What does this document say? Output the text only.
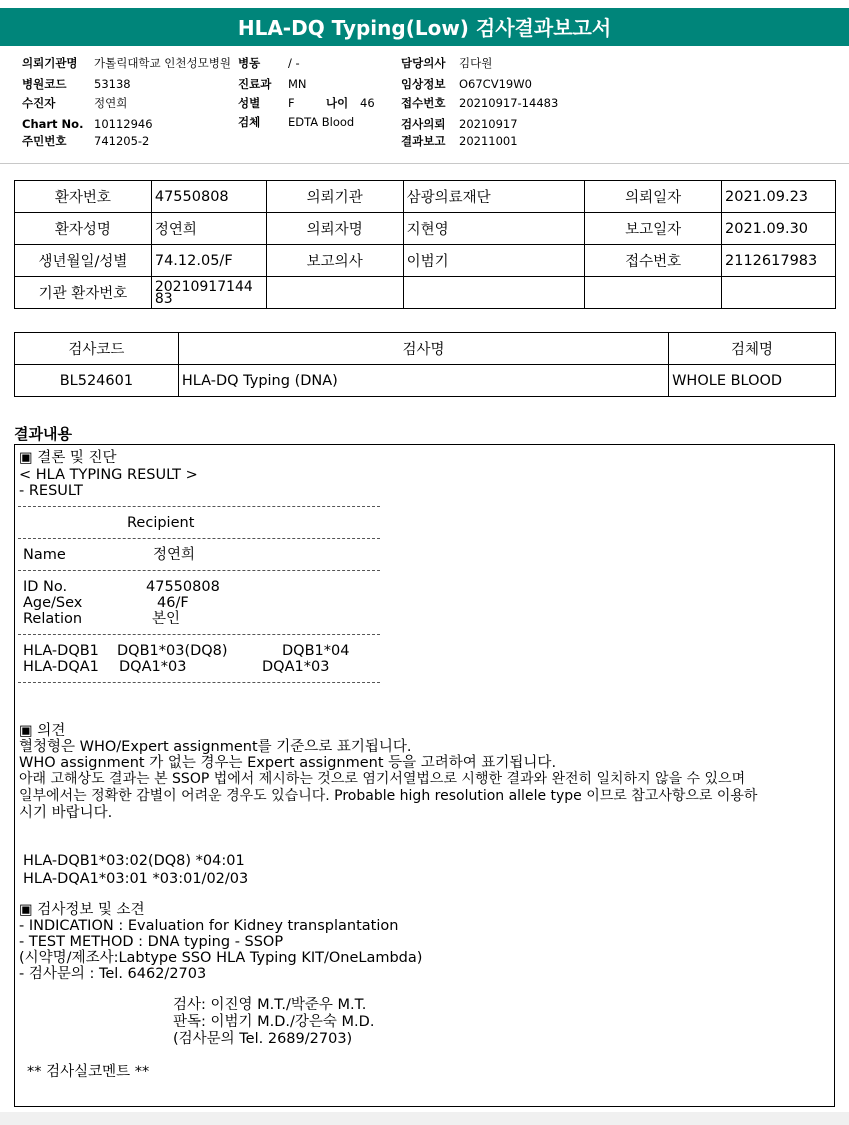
HLA-DQ Typing(Low) 검사결과보고서
의뢰기관명 가톨릭대학교 인천성모병원
병원코드 53138
수진자	정연희
Chart No. 10112946
주민번호 741205-2
병동 / -
진료과 MN
성별 F
검체 EDTA Blood
나이 46
담당의사 김다원
임상정보 O67CV19W0
접수번호 20210917-14483
검사의뢰 20210917
결과보고 20211001
환자번호	47550808	의뢰기관	삼광의료재단	의뢰일자	2021.09.23
환자성명	정연희	의뢰자명	지현영	보고일자	2021.09.30
생년월일/성별	74.12.05/F	보고의사	이범기	접수번호	2112617983
기관 환자번호	20210917144
83				
검사코드	검사명	검체명
BL524601	HLA-DQ Typing (DNA)	WHOLE BLOOD
결과내용
▣ 결론 및 진단
< HLA TYPING RESULT >
- RESULT
Recipient
Name	정연희
ID No.	47550808
Age/Sex	46/F
Relation	본인
HLA-DQB1 DQB1*03(DQ8)	DQB1*04
HLA-DQA1 DQA1*03	DQA1*03
▣ 의견
혈청형은 WHO/Expert assignment를 기준으로 표기됩니다.
WHO assignment 가 없는 경우는 Expert assignment 등을 고려하여 표기됩니다.
아래 고해상도 결과는 본 SSOP 법에서 제시하는 것으로 염기서열법으로 시행한 결과와 완전히 일치하지 않을 수 있으며
일부에서는 정확한 감별이 어려운 경우도 있습니다. Probable high resolution allele type 이므로 참고사항으로 이용하
시기 바랍니다.
HLA-DQB1*03:02(DQ8) *04:01
HLA-DQA1*03:01 *03:01/02/03
▣ 검사정보 및 소견
- INDICATION : Evaluation for Kidney transplantation
- TEST METHOD : DNA typing - SSOP
(시약명/제조사:Labtype SSO HLA Typing KIT/OneLambda)
- 검사문의 : Tel. 6462/2703
검사: 이진영 M.T./박준우 M.T.
판독: 이범기 M.D./강은숙 M.D.
(검사문의 Tel. 2689/2703)
** 검사실코멘트 **
